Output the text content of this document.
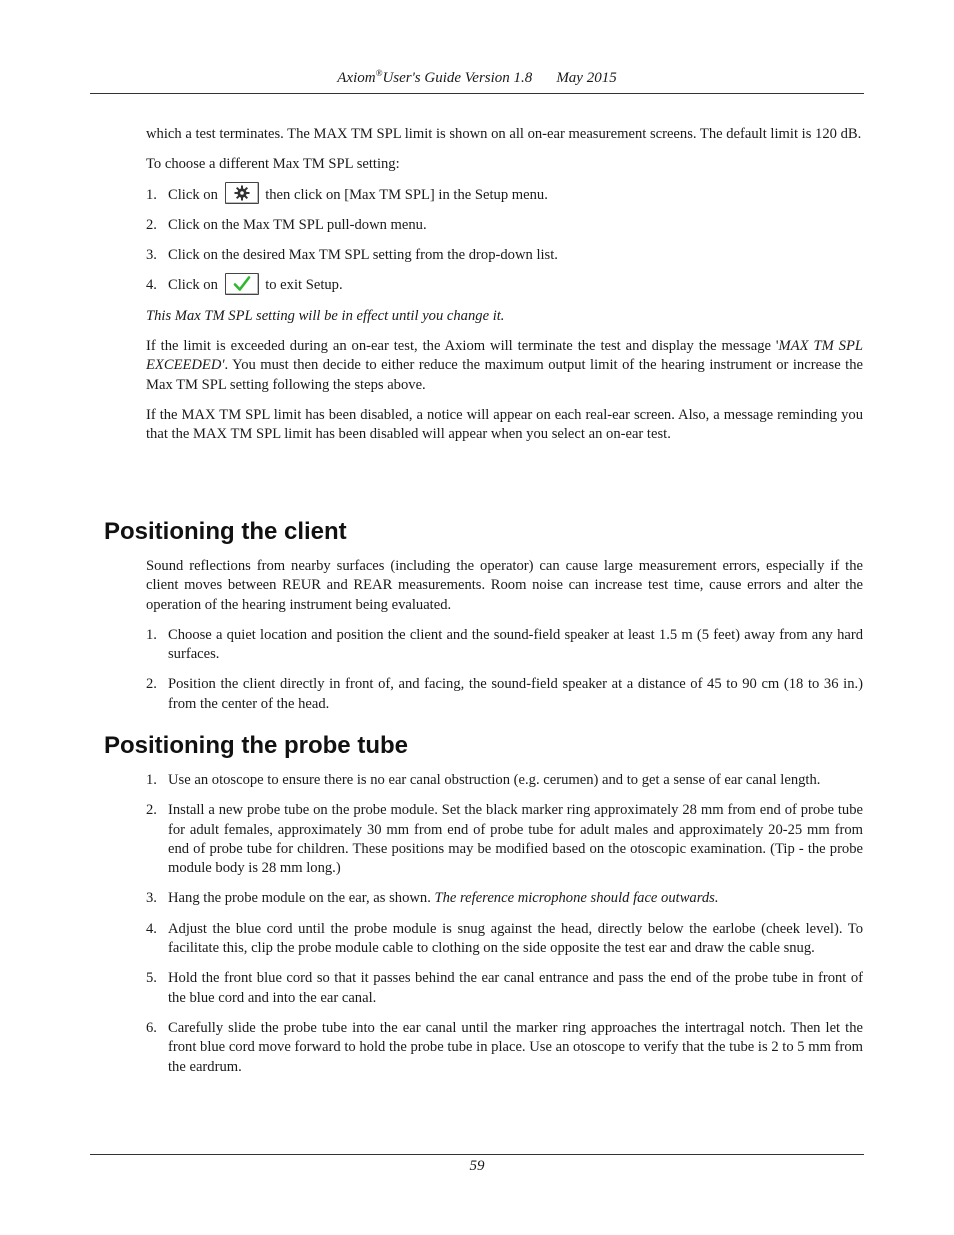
Axiom®User's Guide Version 1.8 May 2015

which a test terminates. The MAX TM SPL limit is shown on all on-ear measurement screens. The default limit is 120 dB.

To choose a different Max TM SPL setting:

1. Click on	then click on [Max TM SPL] in the Setup menu.
2. Click on the Max TM SPL pull-down menu.
3. Click on the desired Max TM SPL setting from the drop-down list.
4. Click on	to exit Setup.

This Max TM SPL setting will be in effect until you change it.

If the limit is exceeded during an on-ear test, the Axiom will terminate the test and display the message 'MAX TM SPL EXCEEDED'. You must then decide to either reduce the maximum output limit of the hearing instrument or increase the Max TM SPL setting following the steps above.

If the MAX TM SPL limit has been disabled, a notice will appear on each real-ear screen. Also, a message reminding you that the MAX TM SPL limit has been disabled will appear when you select an on-ear test.

Positioning the client

Sound reflections from nearby surfaces (including the operator) can cause large measurement errors, especially if the client moves between REUR and REAR measurements. Room noise can increase test time, cause errors and alter the operation of the hearing instrument being evaluated.

1. Choose a quiet location and position the client and the sound-field speaker at least 1.5 m (5 feet) away from any hard surfaces.
2. Position the client directly in front of, and facing, the sound-field speaker at a distance of 45 to 90 cm (18 to 36 in.) from the center of the head.
Positioning the probe tube
1. Use an otoscope to ensure there is no ear canal obstruction (e.g. cerumen) and to get a sense of ear canal length.
2. Install a new probe tube on the probe module. Set the black marker ring approximately 28 mm from end of probe tube for adult females, approximately 30 mm from end of probe tube for adult males and approximately 20-25 mm from end of probe tube for children. These positions may be modified based on the otoscopic examination. (Tip - the probe module body is 28 mm long.)
3. Hang the probe module on the ear, as shown. The reference microphone should face outwards.
4. Adjust the blue cord until the probe module is snug against the head, directly below the earlobe (cheek level). To facilitate this, clip the probe module cable to clothing on the side opposite the test ear and draw the cable snug.
5. Hold the front blue cord so that it passes behind the ear canal entrance and pass the end of the probe tube in front of the blue cord and into the ear canal.
6. Carefully slide the probe tube into the ear canal until the marker ring approaches the intertragal notch. Then let the front blue cord move forward to hold the probe tube in place. Use an otoscope to verify that the tube is 2 to 5 mm from the eardrum.
59
